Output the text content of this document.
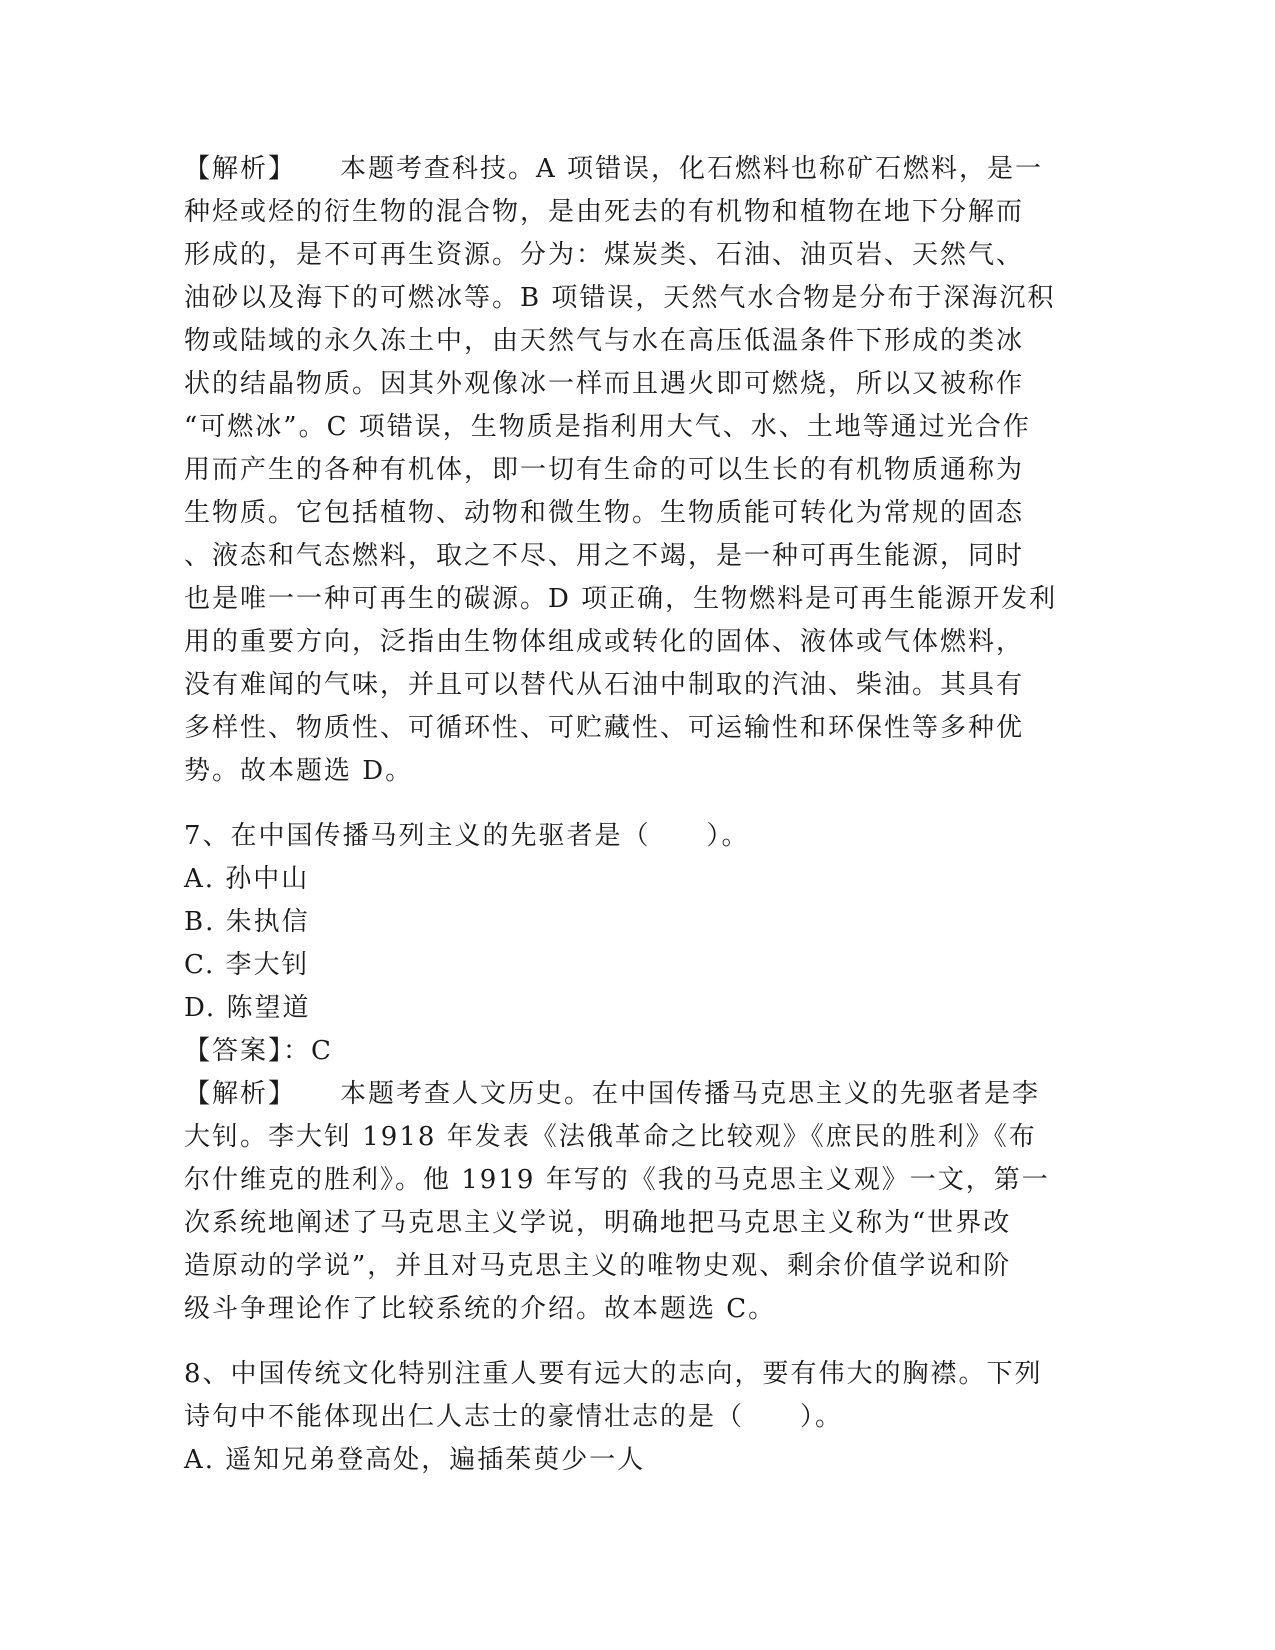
【解析】 本题考查科技。A 项错误，化石燃料也称矿石燃料，是一

种烃或烃的衍生物的混合物，是由死去的有机物和植物在地下分解而

形成的，是不可再生资源。分为：煤炭类、石油、油页岩、天然气、

油砂以及海下的可燃冰等。B 项错误，天然气水合物是分布于深海沉积

物或陆域的永久冻土中，由天然气与水在高压低温条件下形成的类冰

状的结晶物质。因其外观像冰一样而且遇火即可燃烧，所以又被称作

“可燃冰”。C 项错误，生物质是指利用大气、水、土地等通过光合作

用而产生的各种有机体，即一切有生命的可以生长的有机物质通称为

生物质。它包括植物、动物和微生物。生物质能可转化为常规的固态

、液态和气态燃料，取之不尽、用之不竭，是一种可再生能源，同时

也是唯一一种可再生的碳源。D 项正确，生物燃料是可再生能源开发利

用的重要方向，泛指由生物体组成或转化的固体、液体或气体燃料，

没有难闻的气味，并且可以替代从石油中制取的汽油、柴油。其具有

多样性、物质性、可循环性、可贮藏性、可运输性和环保性等多种优

势。故本题选 D。

7、在中国传播马列主义的先驱者是（　　）。

A. 孙中山

B. 朱执信

C. 李大钊

D. 陈望道

【答案】：C

【解析】 本题考查人文历史。在中国传播马克思主义的先驱者是李

大钊。李大钊 1918 年发表《法俄革命之比较观》《庶民的胜利》《布

尔什维克的胜利》。他 1919 年写的《我的马克思主义观》一文，第一

次系统地阐述了马克思主义学说，明确地把马克思主义称为“世界改

造原动的学说”，并且对马克思主义的唯物史观、剩余价值学说和阶

级斗争理论作了比较系统的介绍。故本题选 C。

8、中国传统文化特别注重人要有远大的志向，要有伟大的胸襟。下列

诗句中不能体现出仁人志士的豪情壮志的是（　　）。

A. 遥知兄弟登高处，遍插茱萸少一人
